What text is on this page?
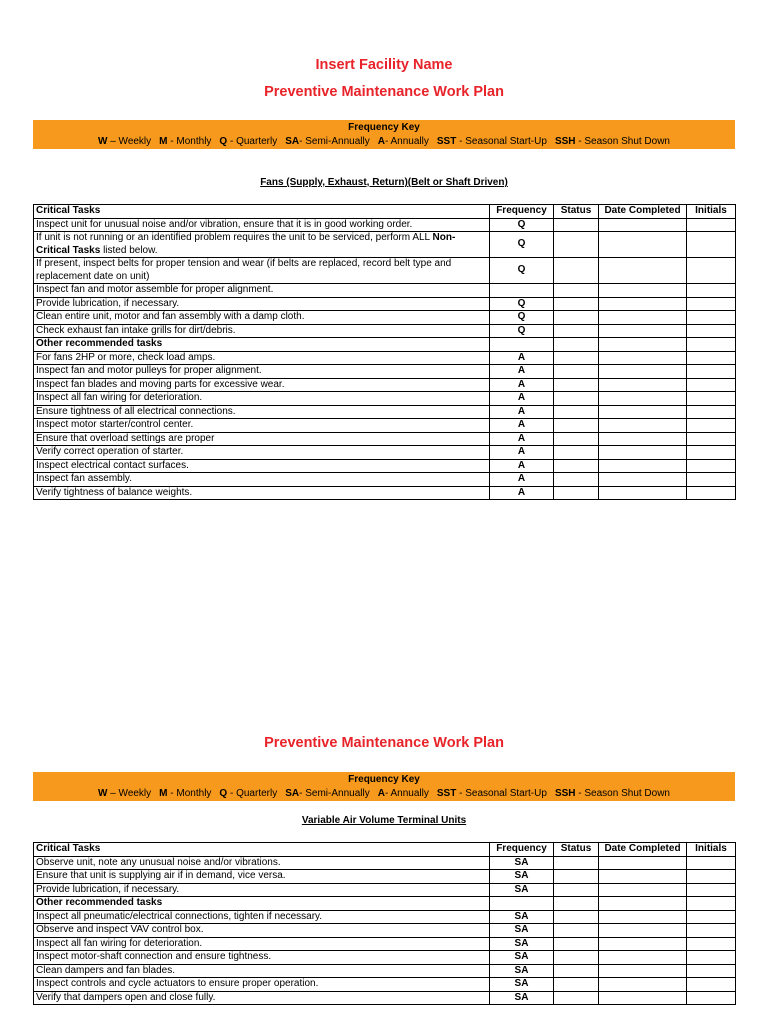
Insert Facility Name
Preventive Maintenance Work Plan
Frequency Key
W – Weekly M - Monthly Q - Quarterly SA- Semi-Annually A- Annually SST - Seasonal Start-Up SSH - Season Shut Down
Fans (Supply, Exhaust, Return)(Belt or Shaft Driven)
Critical Tasks	Frequency	Status	Date Completed	Initials
Inspect unit for unusual noise and/or vibration, ensure that it is in good working order.	Q			
If unit is not running or an identified problem requires the unit to be serviced, perform ALL Non-Critical Tasks listed below.	Q			
If present, inspect belts for proper tension and wear (if belts are replaced, record belt type and replacement date on unit)	Q			
Inspect fan and motor assemble for proper alignment.				
Provide lubrication, if necessary.	Q			
Clean entire unit, motor and fan assembly with a damp cloth.	Q			
Check exhaust fan intake grills for dirt/debris.	Q			
Other recommended tasks				
For fans 2HP or more, check load amps.	A			
Inspect fan and motor pulleys for proper alignment.	A			
Inspect fan blades and moving parts for excessive wear.	A			
Inspect all fan wiring for deterioration.	A			
Ensure tightness of all electrical connections.	A			
Inspect motor starter/control center.	A			
Ensure that overload settings are proper	A			
Verify correct operation of starter.	A			
Inspect electrical contact surfaces.	A			
Inspect fan assembly.	A			
Verify tightness of balance weights.	A			
Preventive Maintenance Work Plan
Frequency Key
W – Weekly M - Monthly Q - Quarterly SA- Semi-Annually A- Annually SST - Seasonal Start-Up SSH - Season Shut Down
Variable Air Volume Terminal Units
Critical Tasks	Frequency	Status	Date Completed	Initials
Observe unit, note any unusual noise and/or vibrations.	SA			
Ensure that unit is supplying air if in demand, vice versa.	SA			
Provide lubrication, if necessary.	SA			
Other recommended tasks				
Inspect all pneumatic/electrical connections, tighten if necessary.	SA			
Observe and inspect VAV control box.	SA			
Inspect all fan wiring for deterioration.	SA			
Inspect motor-shaft connection and ensure tightness.	SA			
Clean dampers and fan blades.	SA			
Inspect controls and cycle actuators to ensure proper operation.	SA			
Verify that dampers open and close fully.	SA			
